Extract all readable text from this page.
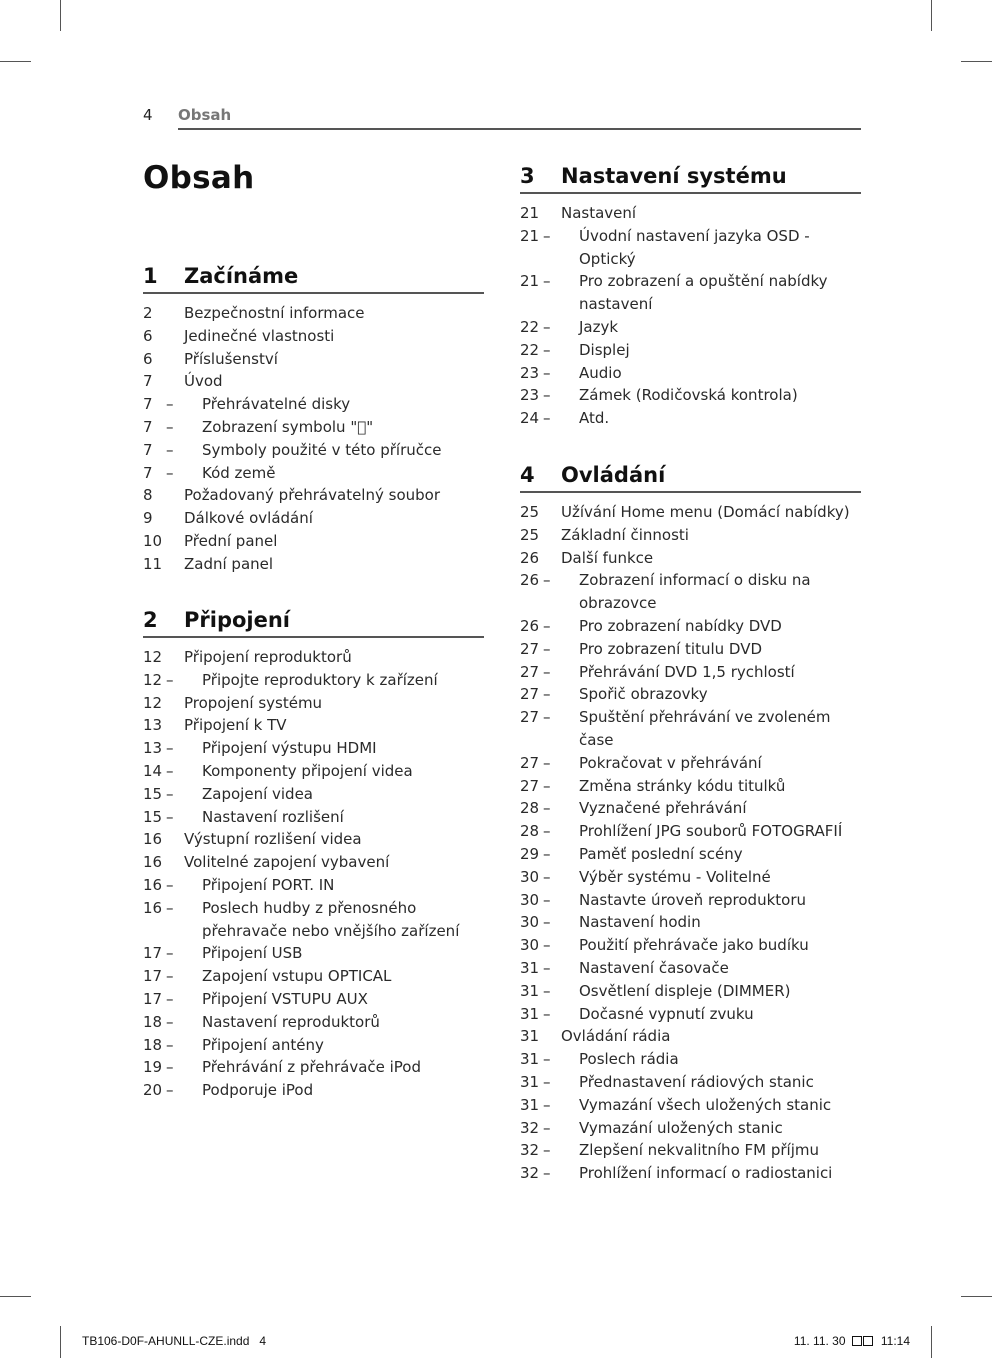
4 Obsah
Obsah
1 Začínáme
2	Bezpečnostní informace
6	Jedinečné vlastnosti
6	Příslušenství
7	Úvod
7	– Přehrávatelné disky
7	– Zobrazení symbolu "⃠"
7	– Symboly použité v této příručce
7	– Kód země
8	Požadovaný přehrávatelný soubor
9	Dálkové ovládání
10	Přední panel
11	Zadní panel
2 Připojení
12	Připojení reproduktorů
12	– Připojte reproduktory k zařízení
12	Propojení systému
13	Připojení k TV
13	– Připojení výstupu HDMI
14	– Komponenty připojení videa
15	– Zapojení videa
15	– Nastavení rozlišení
16	Výstupní rozlišení videa
16	Volitelné zapojení vybavení
16	– Připojení PORT. IN
16	– Poslech hudby z přenosného přehravače nebo vnějšího zařízení
17	– Připojení USB
17	– Zapojení vstupu OPTICAL
17	– Připojení VSTUPU AUX
18	– Nastavení reproduktorů
18	– Připojení antény
19	– Přehrávání z přehrávače iPod
20	– Podporuje iPod
3 Nastavení systému
21	Nastavení
21	– Úvodní nastavení jazyka OSD - Optický
21	– Pro zobrazení a opuštění nabídky nastavení
22	– Jazyk
22	– Displej
23	– Audio
23	– Zámek (Rodičovská kontrola)
24	– Atd.
4 Ovládání
25	Užívání Home menu (Domácí nabídky)
25	Základní činnosti
26	Další funkce
26	– Zobrazení informací o disku na obrazovce
26	– Pro zobrazení nabídky DVD
27	– Pro zobrazení titulu DVD
27	– Přehrávání DVD 1,5 rychlostí
27	– Spořič obrazovky
27	– Spuštění přehrávání ve zvoleném čase
27	– Pokračovat v přehrávání
27	– Změna stránky kódu titulků
28	– Vyznačené přehrávání
28	– Prohlížení JPG souborů FOTOGRAFIÍ
29	– Paměť poslední scény
30	– Výběr systému - Volitelné
30	– Nastavte úroveň reproduktoru
30	– Nastavení hodin
30	– Použití přehrávače jako budíku
31	– Nastavení časovače
31	– Osvětlení displeje (DIMMER)
31	– Dočasné vypnutí zvuku
31	Ovládání rádia
31	– Poslech rádia
31	– Přednastavení rádiových stanic
31	– Vymazání všech uložených stanic
32	– Vymazání uložených stanic
32	– Zlepšení nekvalitního FM příjmu
32	– Prohlížení informací o radiostanici
TB106-D0F-AHUNLL-CZE.indd   4	11. 11. 30	11:14
